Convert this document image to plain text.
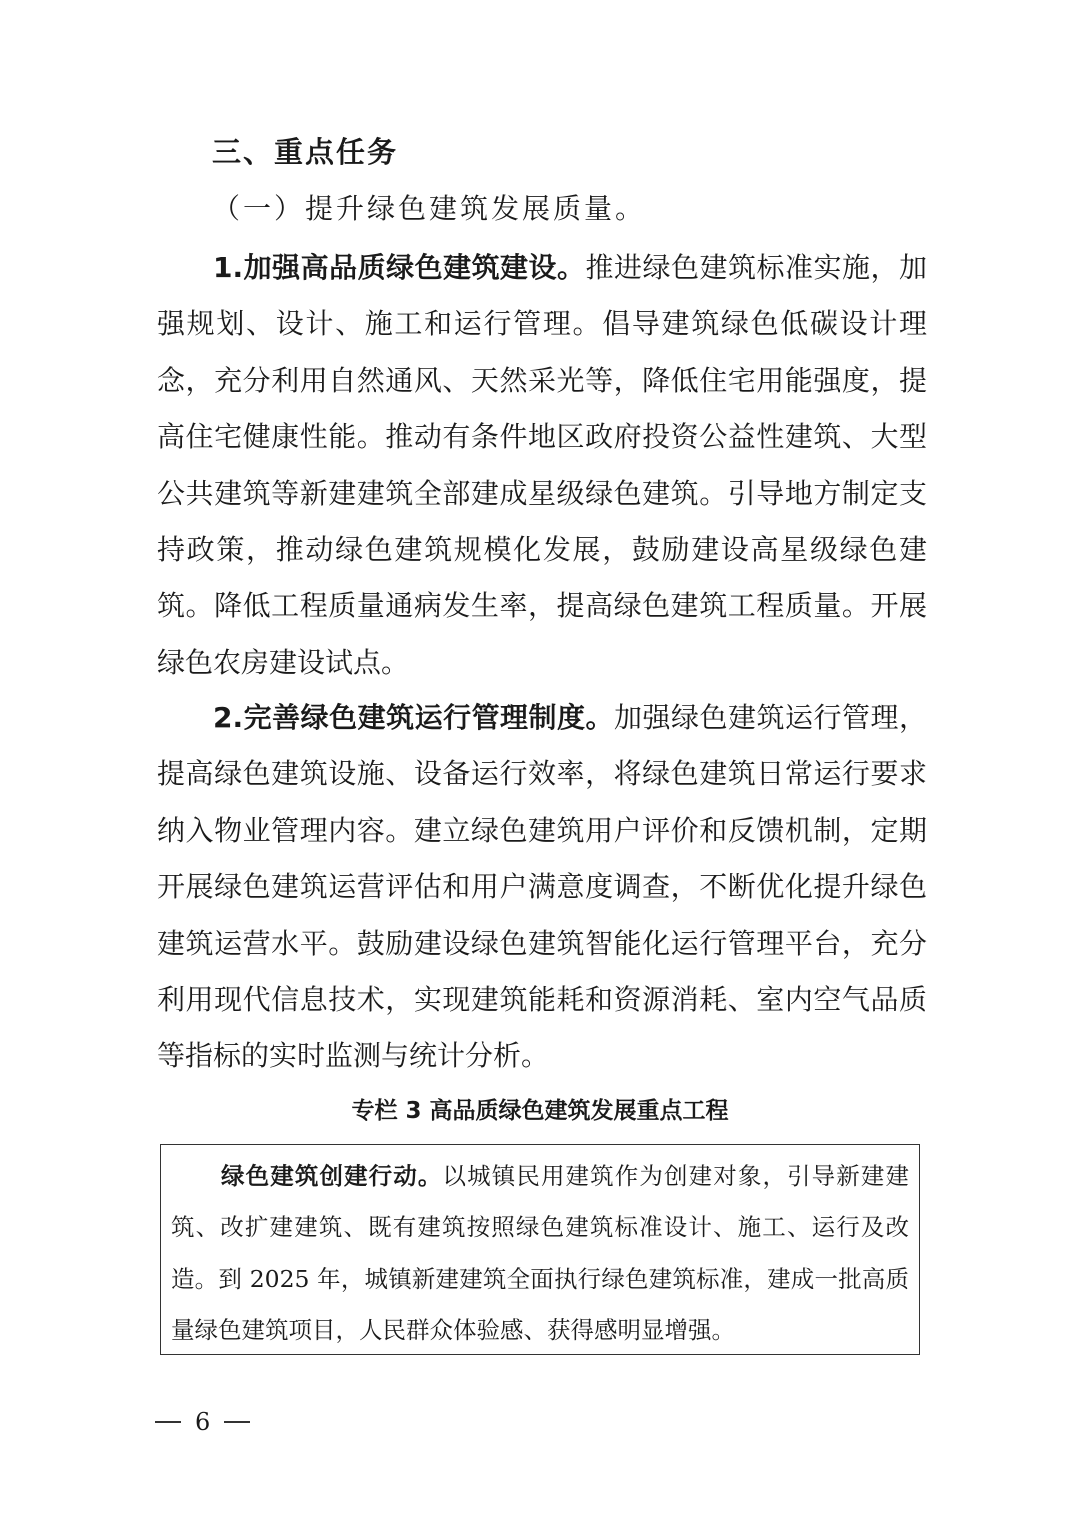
三、重点任务
（一）提升绿色建筑发展质量。

1.加强高品质绿色建筑建设。推进绿色建筑标准实施，加强规划、设计、施工和运行管理。倡导建筑绿色低碳设计理念，充分利用自然通风、天然采光等，降低住宅用能强度，提高住宅健康性能。推动有条件地区政府投资公益性建筑、大型公共建筑等新建建筑全部建成星级绿色建筑。引导地方制定支持政策，推动绿色建筑规模化发展，鼓励建设高星级绿色建筑。降低工程质量通病发生率，提高绿色建筑工程质量。开展绿色农房建设试点。

2.完善绿色建筑运行管理制度。加强绿色建筑运行管理，提高绿色建筑设施、设备运行效率，将绿色建筑日常运行要求纳入物业管理内容。建立绿色建筑用户评价和反馈机制，定期开展绿色建筑运营评估和用户满意度调查，不断优化提升绿色建筑运营水平。鼓励建设绿色建筑智能化运行管理平台，充分利用现代信息技术，实现建筑能耗和资源消耗、室内空气品质等指标的实时监测与统计分析。

专栏 3 高品质绿色建筑发展重点工程

绿色建筑创建行动。以城镇民用建筑作为创建对象，引导新建建筑、改扩建建筑、既有建筑按照绿色建筑标准设计、施工、运行及改造。到 2025 年，城镇新建建筑全面执行绿色建筑标准，建成一批高质量绿色建筑项目，人民群众体验感、获得感明显增强。

6
